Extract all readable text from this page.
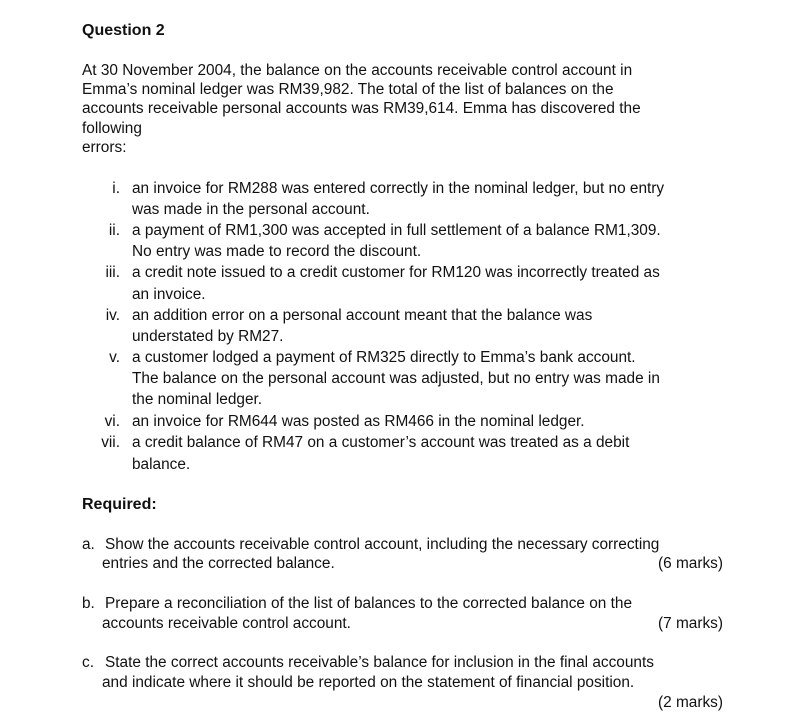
Question 2
At 30 November 2004, the balance on the accounts receivable control account in
Emma’s nominal ledger was RM39,982. The total of the list of balances on the
accounts receivable personal accounts was RM39,614. Emma has discovered the
following
errors:
i. an invoice for RM288 was entered correctly in the nominal ledger, but no entry
was made in the personal account.
ii. a payment of RM1,300 was accepted in full settlement of a balance RM1,309.
No entry was made to record the discount.
iii. a credit note issued to a credit customer for RM120 was incorrectly treated as
an invoice.
iv. an addition error on a personal account meant that the balance was
understated by RM27.
v. a customer lodged a payment of RM325 directly to Emma’s bank account.
The balance on the personal account was adjusted, but no entry was made in
the nominal ledger.
vi. an invoice for RM644 was posted as RM466 in the nominal ledger.
vii. a credit balance of RM47 on a customer’s account was treated as a debit
balance.
Required:
a. Show the accounts receivable control account, including the necessary correcting
entries and the corrected balance.	(6 marks)
b. Prepare a reconciliation of the list of balances to the corrected balance on the
accounts receivable control account.	(7 marks)
c. State the correct accounts receivable’s balance for inclusion in the final accounts
and indicate where it should be reported on the statement of financial position.
(2 marks)
